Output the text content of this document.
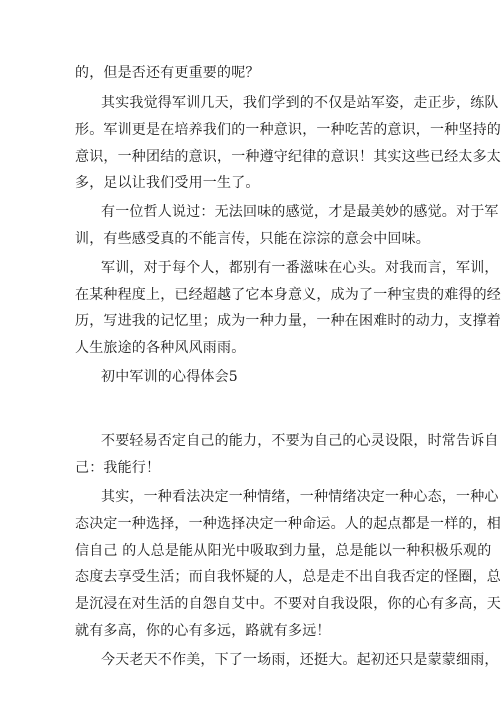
的，但是否还有更重要的呢？
其实我觉得军训几天，我们学到的不仅是站军姿，走正步，练队
形。军训更是在培养我们的一种意识，一种吃苦的意识，一种坚持的
意识，一种团结的意识，一种遵守纪律的意识！其实这些已经太多太
多，足以让我们受用一生了。
有一位哲人说过：无法回味的感觉，才是最美妙的感觉。对于军
训，有些感受真的不能言传，只能在淙淙的意会中回味。
军训，对于每个人，都别有一番滋味在心头。对我而言，军训，
在某种程度上，已经超越了它本身意义，成为了一种宝贵的难得的经
历，写进我的记忆里；成为一种力量，一种在困难时的动力，支撑着
人生旅途的各种风风雨雨。
初中军训的心得体会5
不要轻易否定自己的能力，不要为自己的心灵设限，时常告诉自
己：我能行！
其实，一种看法决定一种情绪，一种情绪决定一种心态，一种心
态决定一种选择，一种选择决定一种命运。人的起点都是一样的，相
信自己 的人总是能从阳光中吸取到力量，总是能以一种积极乐观的
态度去享受生活；而自我怀疑的人，总是走不出自我否定的怪圈，总
是沉浸在对生活的自怨自艾中。不要对自我设限，你的心有多高，天
就有多高，你的心有多远，路就有多远！
今天老天不作美，下了一场雨，还挺大。起初还只是蒙蒙细雨，
